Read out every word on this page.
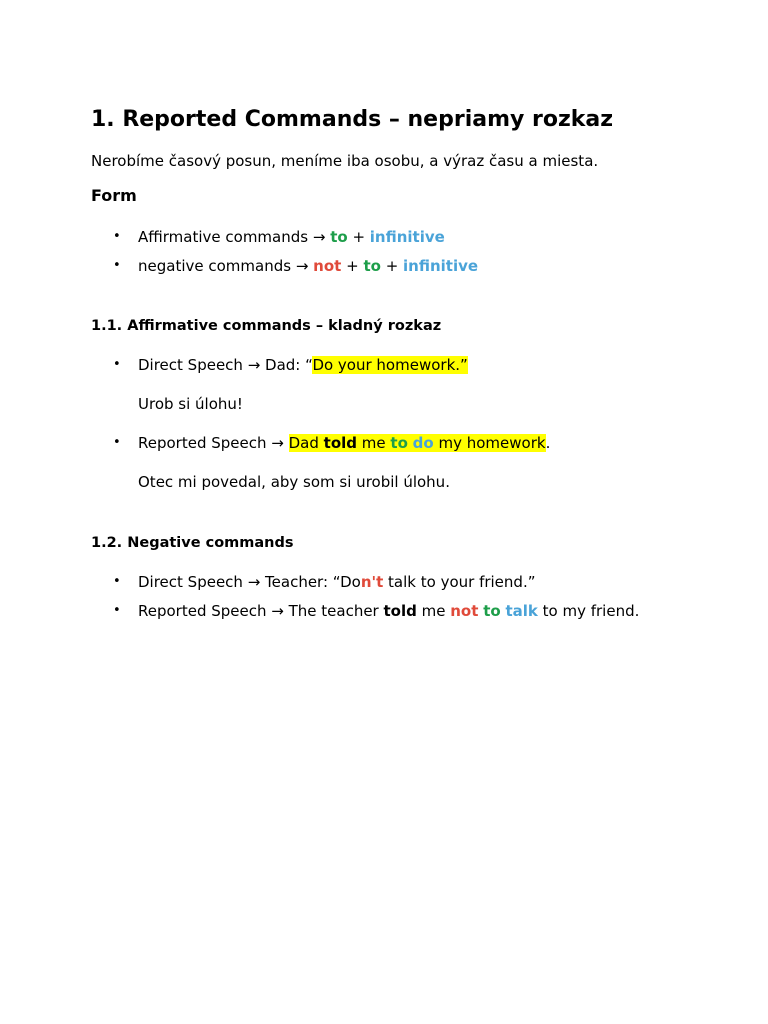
1. Reported Commands – nepriamy rozkaz
Nerobíme časový posun, meníme iba osobu, a výraz času a miesta.
Form
• Affirmative commands → to + infinitive
• negative commands → not + to + infinitive
1.1. Affirmative commands – kladný rozkaz
• Direct Speech → Dad: “Do your homework.”
Urob si úlohu!
• Reported Speech → Dad told me to do my homework.
Otec mi povedal, aby som si urobil úlohu.
1.2. Negative commands
• Direct Speech → Teacher: “Don't talk to your friend.”
• Reported Speech → The teacher told me not to talk to my friend.
